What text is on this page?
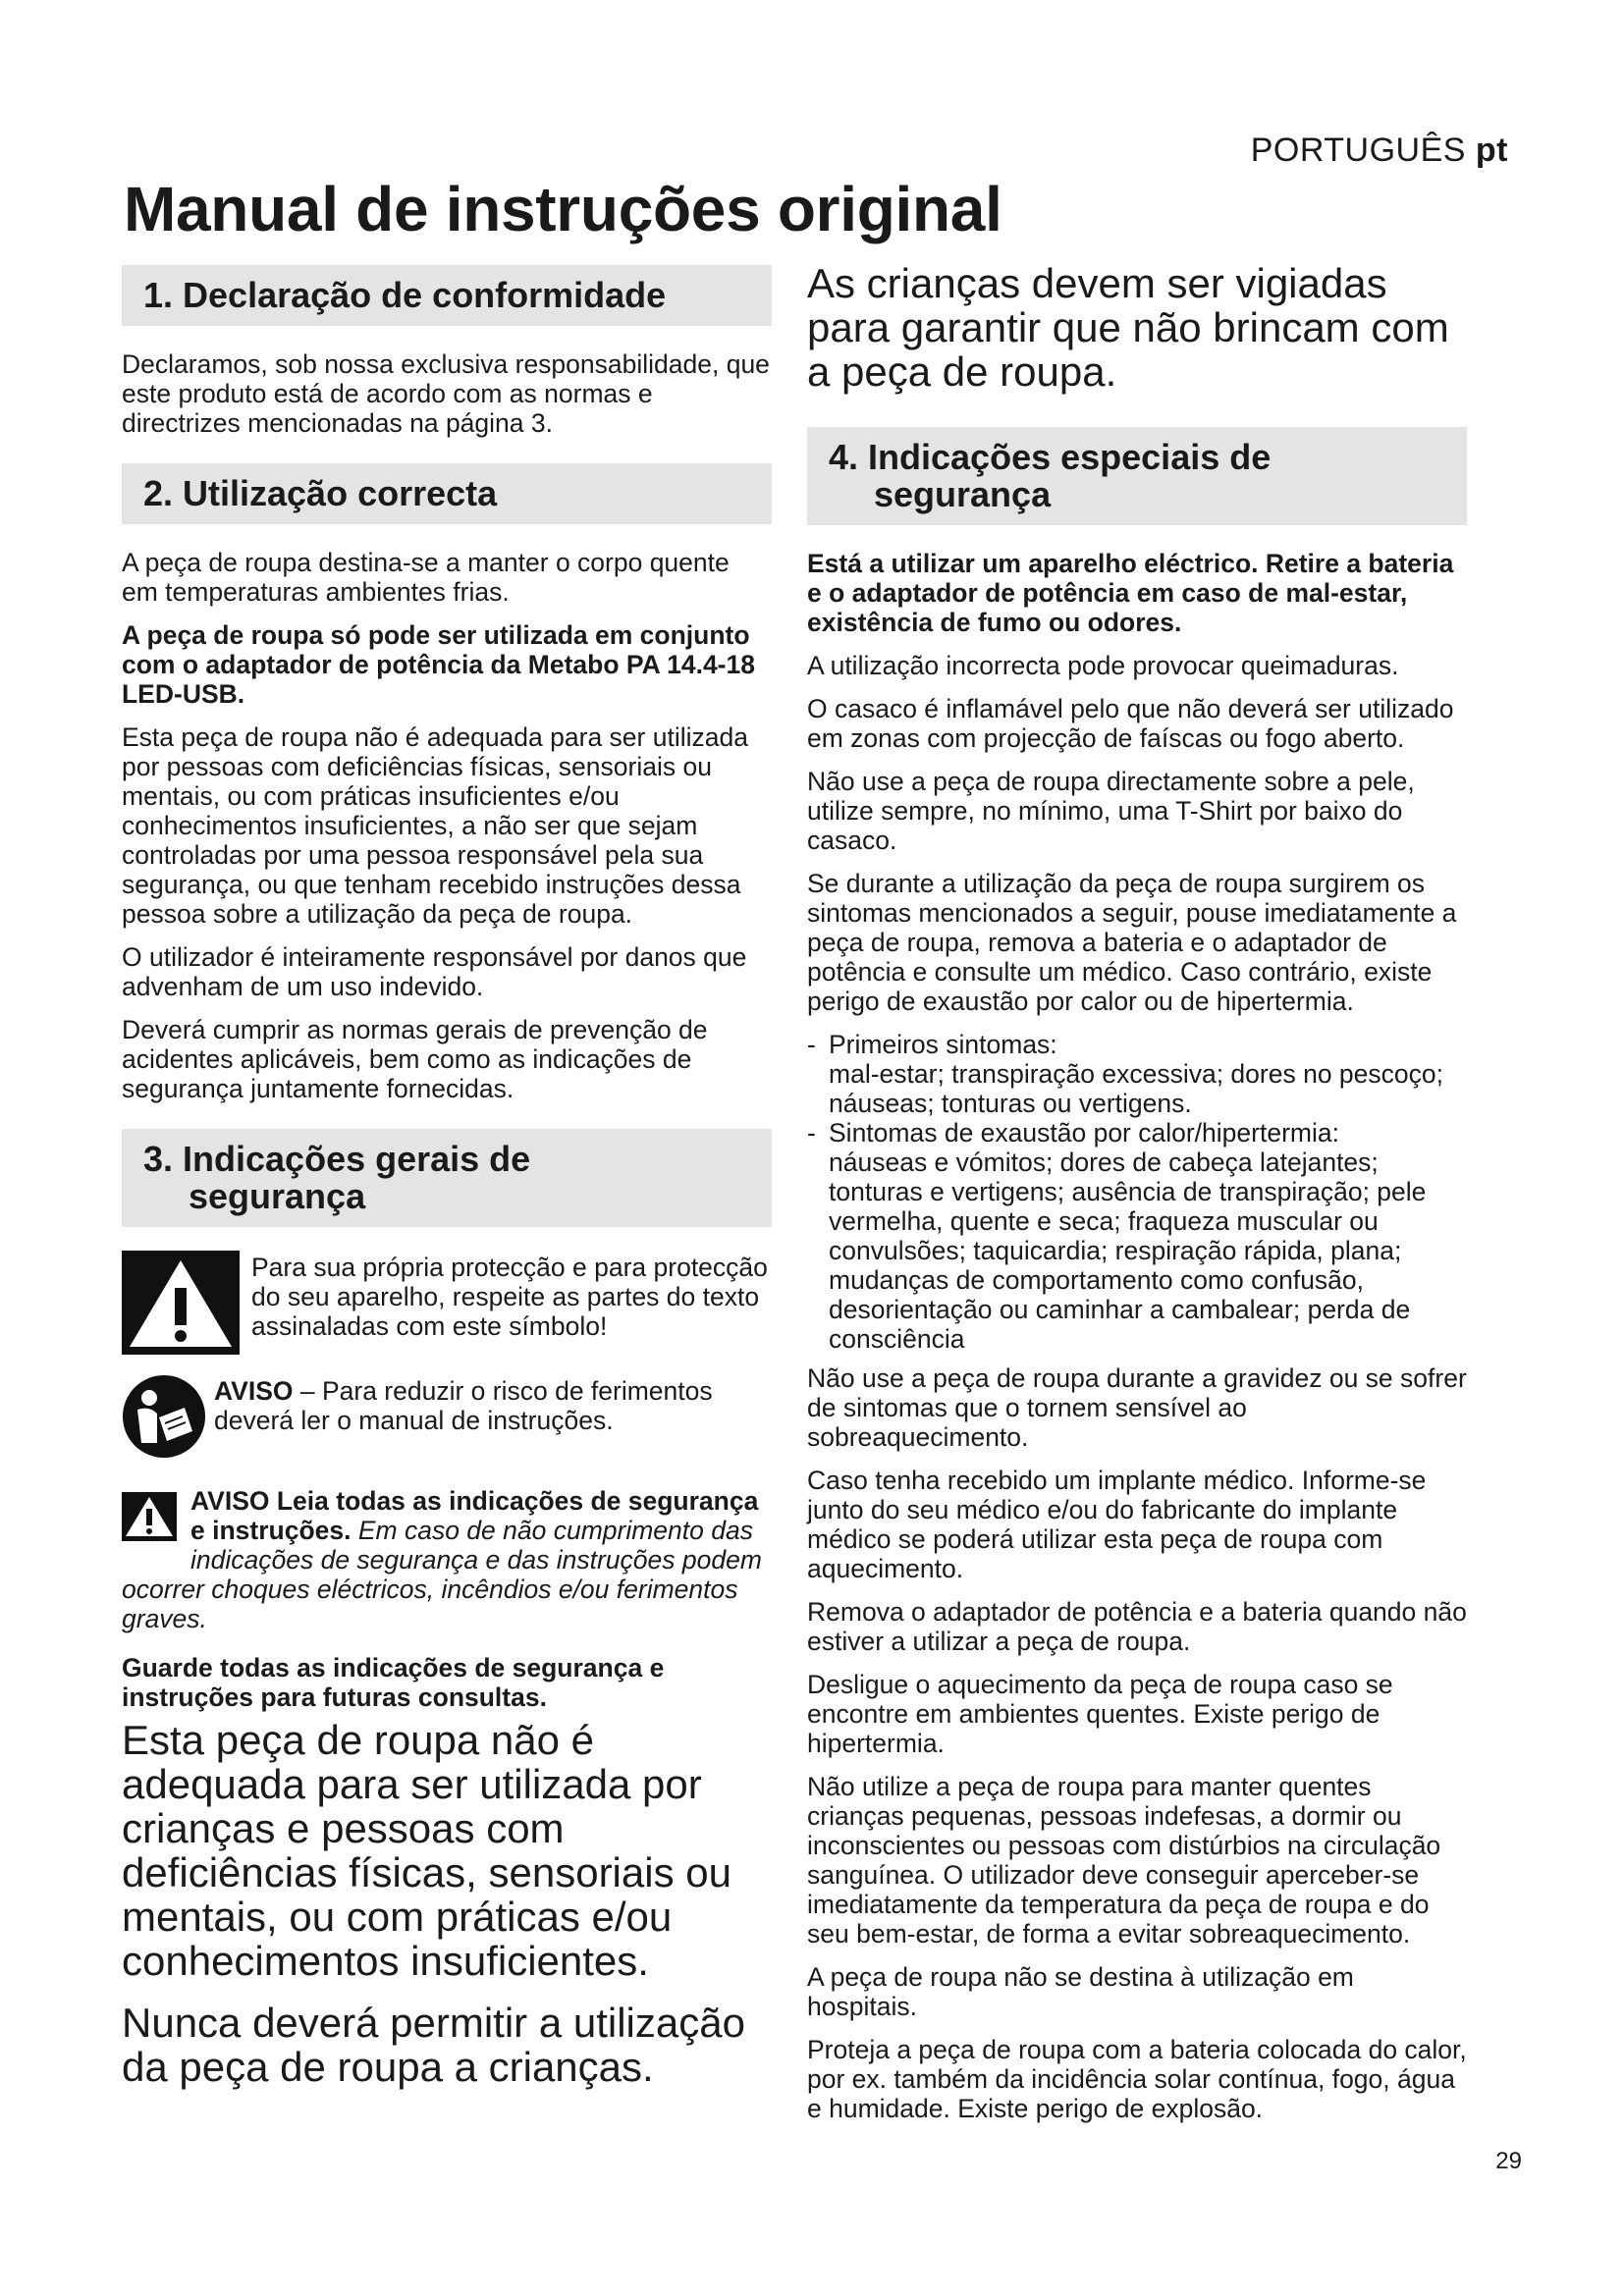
PORTUGUÊS pt
Manual de instruções original
1. Declaração de conformidade

Declaramos, sob nossa exclusiva responsabilidade, que este produto está de acordo com as normas e directrizes mencionadas na página 3.

2. Utilização correcta

A peça de roupa destina-se a manter o corpo quente em temperaturas ambientes frias.

A peça de roupa só pode ser utilizada em conjunto com o adaptador de potência da Metabo PA 14.4-18 LED-USB.

Esta peça de roupa não é adequada para ser utilizada por pessoas com deficiências físicas, sensoriais ou mentais, ou com práticas insuficientes e/ou conhecimentos insuficientes, a não ser que sejam controladas por uma pessoa responsável pela sua segurança, ou que tenham recebido instruções dessa pessoa sobre a utilização da peça de roupa.

O utilizador é inteiramente responsável por danos que advenham de um uso indevido.

Deverá cumprir as normas gerais de prevenção de acidentes aplicáveis, bem como as indicações de segurança juntamente fornecidas.

3. Indicações gerais de
segurança

Para sua própria protecção e para protecção do seu aparelho, respeite as partes do texto assinaladas com este símbolo!

AVISO – Para reduzir o risco de ferimentos deverá ler o manual de instruções.

AVISO Leia todas as indicações de segurança e instruções. Em caso de não cumprimento das indicações de segurança e das instruções podem ocorrer choques eléctricos, incêndios e/ou ferimentos graves.

Guarde todas as indicações de segurança e instruções para futuras consultas.

Esta peça de roupa não é adequada para ser utilizada por crianças e pessoas com deficiências físicas, sensoriais ou mentais, ou com práticas e/ou conhecimentos insuficientes.

Nunca deverá permitir a utilização da peça de roupa a crianças.

As crianças devem ser vigiadas para garantir que não brincam com a peça de roupa.

4. Indicações especiais de
segurança

Está a utilizar um aparelho eléctrico. Retire a bateria e o adaptador de potência em caso de mal-estar, existência de fumo ou odores.

A utilização incorrecta pode provocar queimaduras.

O casaco é inflamável pelo que não deverá ser utilizado em zonas com projecção de faíscas ou fogo aberto.

Não use a peça de roupa directamente sobre a pele, utilize sempre, no mínimo, uma T-Shirt por baixo do casaco.

Se durante a utilização da peça de roupa surgirem os sintomas mencionados a seguir, pouse imediatamente a peça de roupa, remova a bateria e o adaptador de potência e consulte um médico. Caso contrário, existe perigo de exaustão por calor ou de hipertermia.

- Primeiros sintomas:
mal-estar; transpiração excessiva; dores no pescoço; náuseas; tonturas ou vertigens.
- Sintomas de exaustão por calor/hipertermia:
náuseas e vómitos; dores de cabeça latejantes; tonturas e vertigens; ausência de transpiração; pele vermelha, quente e seca; fraqueza muscular ou convulsões; taquicardia; respiração rápida, plana; mudanças de comportamento como confusão, desorientação ou caminhar a cambalear; perda de consciência

Não use a peça de roupa durante a gravidez ou se sofrer de sintomas que o tornem sensível ao sobreaquecimento.

Caso tenha recebido um implante médico. Informe-se junto do seu médico e/ou do fabricante do implante médico se poderá utilizar esta peça de roupa com aquecimento.

Remova o adaptador de potência e a bateria quando não estiver a utilizar a peça de roupa.

Desligue o aquecimento da peça de roupa caso se encontre em ambientes quentes. Existe perigo de hipertermia.

Não utilize a peça de roupa para manter quentes crianças pequenas, pessoas indefesas, a dormir ou inconscientes ou pessoas com distúrbios na circulação sanguínea. O utilizador deve conseguir aperceber-se imediatamente da temperatura da peça de roupa e do seu bem-estar, de forma a evitar sobreaquecimento.

A peça de roupa não se destina à utilização em hospitais.

Proteja a peça de roupa com a bateria colocada do calor, por ex. também da incidência solar contínua, fogo, água e humidade. Existe perigo de explosão.

29
